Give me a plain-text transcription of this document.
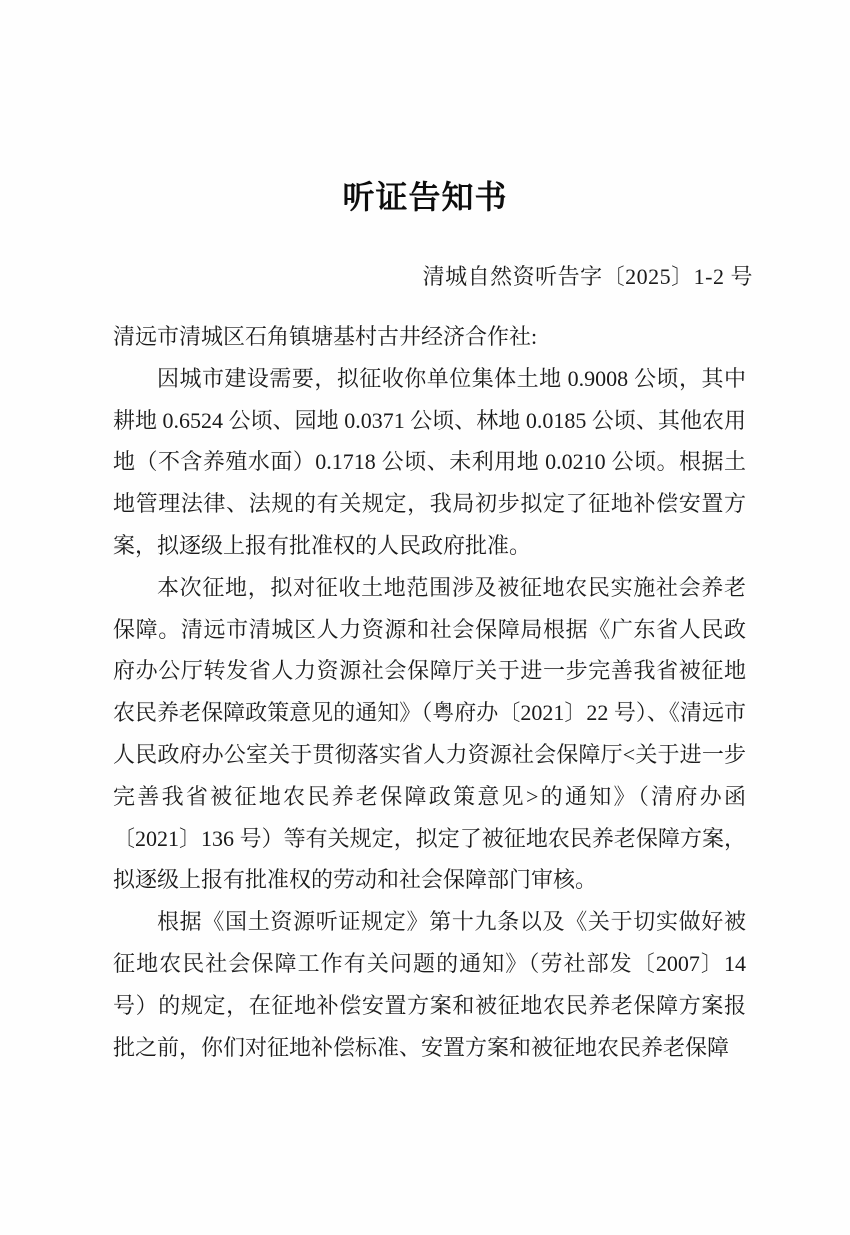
听证告知书
清城自然资听告字〔2025〕1-2 号

清远市清城区石角镇塘基村古井经济合作社:

因城市建设需要，拟征收你单位集体土地 0.9008 公顷，其中耕地 0.6524 公顷、园地 0.0371 公顷、林地 0.0185 公顷、其他农用地（不含养殖水面）0.1718 公顷、未利用地 0.0210 公顷。根据土地管理法律、法规的有关规定，我局初步拟定了征地补偿安置方案，拟逐级上报有批准权的人民政府批准。

本次征地，拟对征收土地范围涉及被征地农民实施社会养老保障。清远市清城区人力资源和社会保障局根据《广东省人民政府办公厅转发省人力资源社会保障厅关于进一步完善我省被征地农民养老保障政策意见的通知》（粤府办〔2021〕22 号）、《清远市人民政府办公室关于贯彻落实省人力资源社会保障厅<关于进一步完善我省被征地农民养老保障政策意见>的通知》（清府办函〔2021〕136 号）等有关规定，拟定了被征地农民养老保障方案，拟逐级上报有批准权的劳动和社会保障部门审核。

根据《国土资源听证规定》第十九条以及《关于切实做好被征地农民社会保障工作有关问题的通知》（劳社部发〔2007〕14 号）的规定，在征地补偿安置方案和被征地农民养老保障方案报批之前，你们对征地补偿标准、安置方案和被征地农民养老保障
